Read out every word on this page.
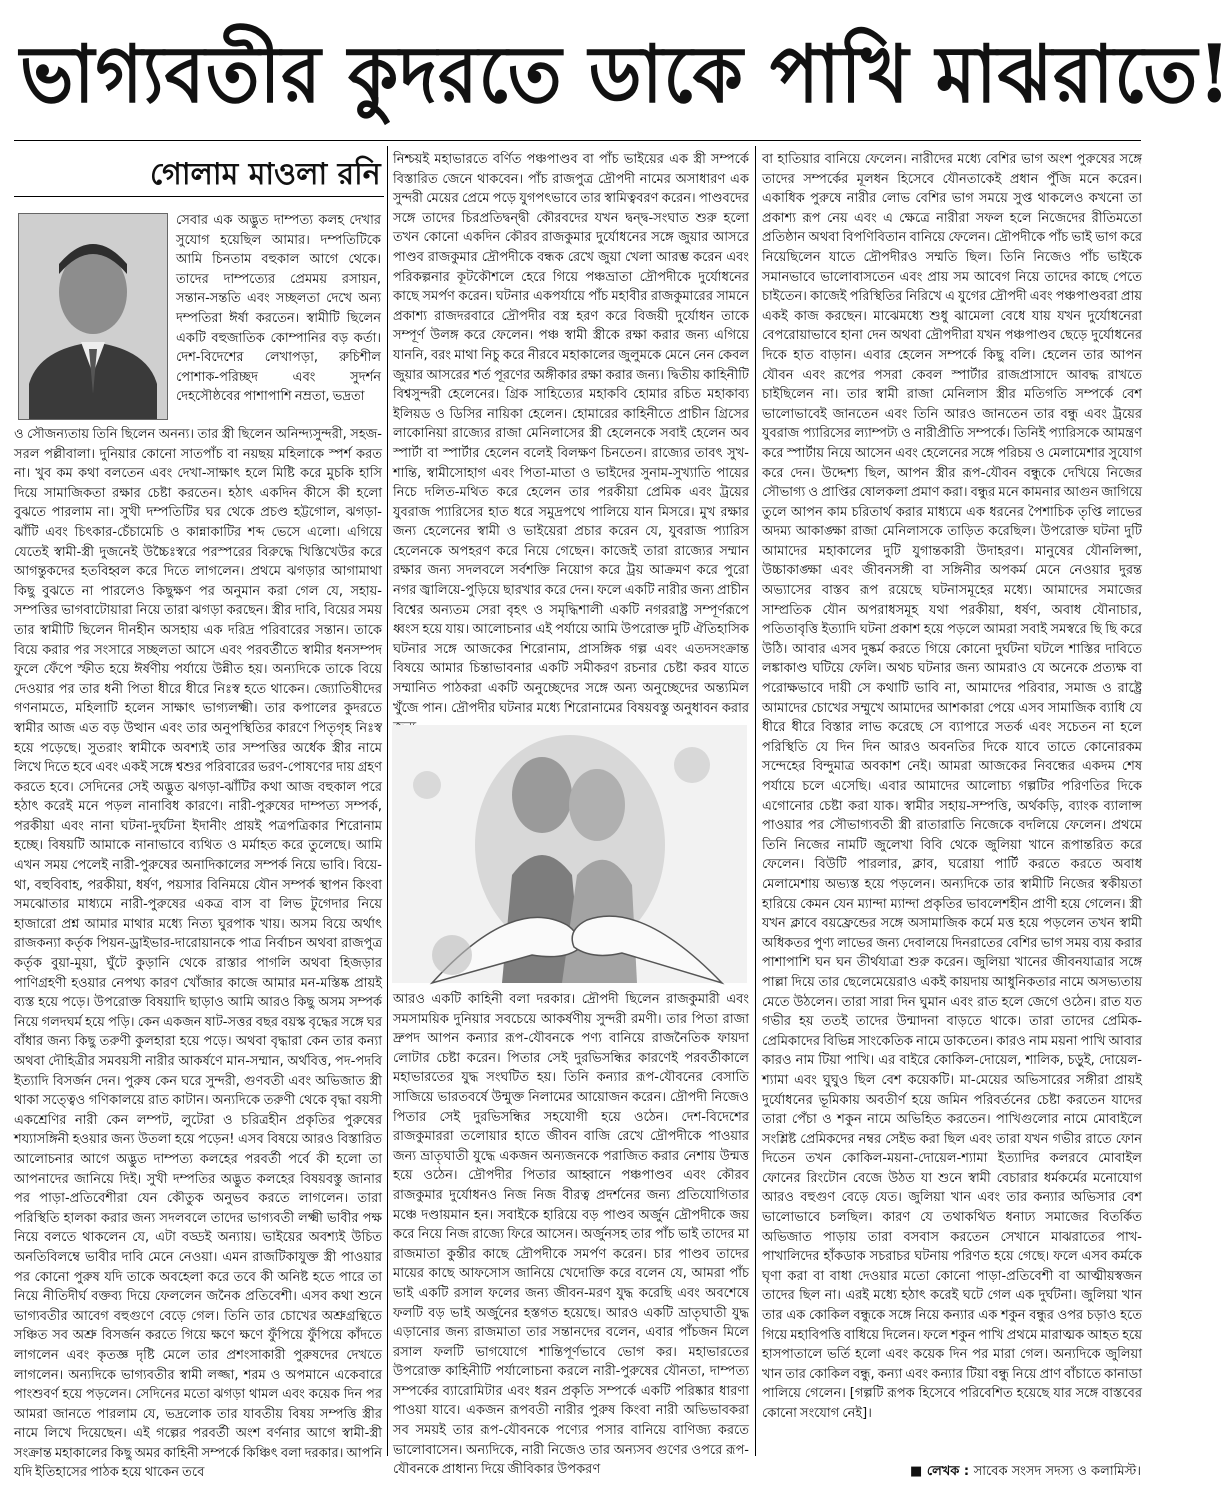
ভাগ্যবতীর কুদরতে ডাকে পাখি মাঝরাতে!
গোলাম মাওলা রনি
সেবার এক অদ্ভুত দাম্পত্য কলহ দেখার সুযোগ হয়েছিল আমার। দম্পতিটিকে আমি চিনতাম বহুকাল আগে থেকে। তাদের দাম্পত্যের প্রেমময় রসায়ন, সন্তান-সন্ততি এবং সচ্ছলতা দেখে অন্য দম্পতিরা ঈর্ষা করতেন। স্বামীটি ছিলেন একটি বহুজাতিক কোম্পানির বড় কর্তা। দেশ-বিদেশের লেখাপড়া, রুচিশীল পোশাক-পরিচ্ছদ এবং সুদর্শন দেহসৌষ্ঠবের পাশাপাশি নম্রতা, ভদ্রতা
ও সৌজন্যতায় তিনি ছিলেন অনন্য। তার স্ত্রী ছিলেন অনিন্দ্যসুন্দরী, সহজ-সরল পল্লীবালা। দুনিয়ার কোনো সাতপাঁচ বা নয়ছয় মহিলাকে স্পর্শ করত না। খুব কম কথা বলতেন এবং দেখা-সাক্ষাৎ হলে মিষ্টি করে মুচকি হাসি দিয়ে সামাজিকতা রক্ষার চেষ্টা করতেন। হঠাৎ একদিন কীসে কী হলো বুঝতে পারলাম না। সুখী দম্পতিটির ঘর থেকে প্রচণ্ড হট্টগোল, ঝগড়া-ঝাঁটি এবং চিৎকার-চেঁচামেচি ও কান্নাকাটির শব্দ ভেসে এলো। এগিয়ে যেতেই স্বামী-স্ত্রী দুজনেই উচ্চৈঃস্বরে পরস্পরের বিরুদ্ধে খিস্তিখেউর করে আগন্তুকদের হতবিহ্বল করে দিতে লাগলেন। প্রথমে ঝগড়ার আগামাথা কিছু বুঝতে না পারলেও কিছুক্ষণ পর অনুমান করা গেল যে, সহায়-সম্পত্তির ভাগবাটোয়ারা নিয়ে তারা ঝগড়া করছেন। স্ত্রীর দাবি, বিয়ের সময় তার স্বামীটি ছিলেন দীনহীন অসহায় এক দরিদ্র পরিবারের সন্তান। তাকে বিয়ে করার পর সংসারে সচ্ছলতা আসে এবং পরবর্তীতে স্বামীর ধনসম্পদ ফুলে ফেঁপে স্ফীত হয়ে ঈর্ষণীয় পর্যায়ে উন্নীত হয়। অন্যদিকে তাকে বিয়ে দেওয়ার পর তার ধনী পিতা ধীরে ধীরে নিঃস্ব হতে থাকেন। জ্যোতিষীদের গণনামতে, মহিলাটি হলেন সাক্ষাৎ ভাগ্যলক্ষ্মী। তার কপালের কুদরতে স্বামীর আজ এত বড় উত্থান এবং তার অনুপস্থিতির কারণে পিতৃগৃহ নিঃস্ব হয়ে পড়েছে। সুতরাং স্বামীকে অবশ্যই তার সম্পত্তির অর্ধেক স্ত্রীর নামে লিখে দিতে হবে এবং একই সঙ্গে শ্বশুর পরিবারের ভরণ-পোষণের দায় গ্রহণ করতে হবে। সেদিনের সেই অদ্ভুত ঝগড়া-ঝাঁটির কথা আজ বহুকাল পরে হঠাৎ করেই মনে পড়ল নানাবিধ কারণে। নারী-পুরুষের দাম্পত্য সম্পর্ক, পরকীয়া এবং নানা ঘটনা-দুর্ঘটনা ইদানীং প্রায়ই পত্রপত্রিকার শিরোনাম হচ্ছে। বিষয়টি আমাকে নানাভাবে ব্যথিত ও মর্মাহত করে তুলেছে। আমি এখন সময় পেলেই নারী-পুরুষের অনাদিকালের সম্পর্ক নিয়ে ভাবি। বিয়ে-থা, বহুবিবাহ, পরকীয়া, ধর্ষণ, পয়সার বিনিময়ে যৌন সম্পর্ক স্থাপন কিংবা সমঝোতার মাধ্যমে নারী-পুরুষের একত্র বাস বা লিভ টুগেদার নিয়ে হাজারো প্রশ্ন আমার মাথার মধ্যে নিত্য ঘুরপাক খায়। অসম বিয়ে অর্থাৎ রাজকন্যা কর্তৃক পিয়ন-ড্রাইভার-দারোয়ানকে পাত্র নির্বাচন অথবা রাজপুত্র কর্তৃক বুয়া-মুয়া, ঘুঁটে কুড়ানি থেকে রাস্তার পাগলি অথবা হিজড়ার পাণিগ্রহণী হওয়ার নেপথ্য কারণ খোঁজার কাজে আমার মন-মস্তিষ্ক প্রায়ই ব্যস্ত হয়ে পড়ে। উপরোক্ত বিষয়াদি ছাড়াও আমি আরও কিছু অসম সম্পর্ক নিয়ে গলদঘর্ম হয়ে পড়ি। কেন একজন ষাট-সত্তর বছর বয়স্ক বৃদ্ধের সঙ্গে ঘর বাঁধার জন্য কিছু তরুণী কুলহারা হয়ে পড়ে। অথবা বৃদ্ধারা কেন তার কন্যা অথবা দৌহিত্রীর সমবয়সী নারীর আকর্ষণে মান-সম্মান, অর্থবিত্ত, পদ-পদবি ইত্যাদি বিসর্জন দেন। পুরুষ কেন ঘরে সুন্দরী, গুণবতী এবং অভিজাত স্ত্রী থাকা সত্ত্বেও গণিকালয়ে রাত কাটান। অন্যদিকে তরুণী থেকে বৃদ্ধা বয়সী একশ্রেণির নারী কেন লম্পট, লুটেরা ও চরিত্রহীন প্রকৃতির পুরুষের শয্যাসঙ্গিনী হওয়ার জন্য উতলা হয়ে পড়েন! এসব বিষয়ে আরও বিস্তারিত আলোচনার আগে অদ্ভুত দাম্পত্য কলহের পরবর্তী পর্বে কী হলো তা আপনাদের জানিয়ে দিই। সুখী দম্পতির অদ্ভুত কলহের বিষয়বস্তু জানার পর পাড়া-প্রতিবেশীরা যেন কৌতুক অনুভব করতে লাগলেন। তারা পরিস্থিতি হালকা করার জন্য সদলবলে তাদের ভাগ্যবতী লক্ষ্মী ভাবীর পক্ষ নিয়ে বলতে থাকলেন যে, এটা বড্ডই অন্যায়। ভাইয়ের অবশ্যই উচিত অনতিবিলম্বে ভাবীর দাবি মেনে নেওয়া। এমন রাজটিকাযুক্ত স্ত্রী পাওয়ার পর কোনো পুরুষ যদি তাকে অবহেলা করে তবে কী অনিষ্ট হতে পারে তা নিয়ে নীতিদীর্ঘ বক্তব্য দিয়ে ফেললেন জনৈক প্রতিবেশী। এসব কথা শুনে ভাগ্যবতীর আবেগ বহুগুণে বেড়ে গেল। তিনি তার চোখের অশ্রুগ্রন্থিতে সঞ্চিত সব অশ্রু বিসর্জন করতে গিয়ে ক্ষণে ক্ষণে ফুঁপিয়ে ফুঁপিয়ে কাঁদতে লাগলেন এবং কৃতজ্ঞ দৃষ্টি মেলে তার প্রশংসাকারী পুরুষদের দেখতে লাগলেন। অন্যদিকে ভাগ্যবতীর স্বামী লজ্জা, শরম ও অপমানে একেবারে পাংশুবর্ণ হয়ে পড়লেন। সেদিনের মতো ঝগড়া থামল এবং কয়েক দিন পর আমরা জানতে পারলাম যে, ভদ্রলোক তার যাবতীয় বিষয় সম্পত্তি স্ত্রীর নামে লিখে দিয়েছেন। এই গল্পের পরবর্তী অংশ বর্ণনার আগে স্বামী-স্ত্রী সংক্রান্ত মহাকালের কিছু অমর কাহিনী সম্পর্কে কিঞ্চিৎ বলা দরকার। আপনি যদি ইতিহাসের পাঠক হয়ে থাকেন তবে
নিশ্চয়ই মহাভারতে বর্ণিত পঞ্চপাণ্ডব বা পাঁচ ভাইয়ের এক স্ত্রী সম্পর্কে বিস্তারিত জেনে থাকবেন। পাঁচ রাজপুত্র দ্রৌপদী নামের অসাধারণ এক সুন্দরী মেয়ের প্রেমে পড়ে যুগপৎভাবে তার স্বামিত্ববরণ করেন। পাণ্ডবদের সঙ্গে তাদের চিরপ্রতিদ্বন্দ্বী কৌরবদের যখন দ্বন্দ্ব-সংঘাত শুরু হলো তখন কোনো একদিন কৌরব রাজকুমার দুর্যোধনের সঙ্গে জুয়ার আসরে পাণ্ডব রাজকুমার দ্রৌপদীকে বন্ধক রেখে জুয়া খেলা আরম্ভ করেন এবং পরিকল্পনার কূটকৌশলে হেরে গিয়ে পঞ্চভ্রাতা দ্রৌপদীকে দুর্যোধনের কাছে সমর্পণ করেন। ঘটনার একপর্যায়ে পাঁচ মহাবীর রাজকুমারের সামনে প্রকাশ্য রাজদরবারে দ্রৌপদীর বস্ত্র হরণ করে বিজয়ী দুর্যোধন তাকে সম্পূর্ণ উলঙ্গ করে ফেলেন। পঞ্চ স্বামী স্ত্রীকে রক্ষা করার জন্য এগিয়ে যাননি, বরং মাথা নিচু করে নীরবে মহাকালের জুলুমকে মেনে নেন কেবল জুয়ার আসরের শর্ত পূরণের অঙ্গীকার রক্ষা করার জন্য। দ্বিতীয় কাহিনীটি বিশ্বসুন্দরী হেলেনের। গ্রিক সাহিত্যের মহাকবি হোমার রচিত মহাকাব্য ইলিয়ড ও ডিসির নায়িকা হেলেন। হোমারের কাহিনীতে প্রাচীন গ্রিসের লাকোনিয়া রাজ্যের রাজা মেনিলাসের স্ত্রী হেলেনকে সবাই হেলেন অব স্পার্টা বা স্পার্টার হেলেন বলেই বিলক্ষণ চিনতেন। রাজ্যের তাবৎ সুখ-শান্তি, স্বামীসোহাগ এবং পিতা-মাতা ও ভাইদের সুনাম-সুখ্যাতি পায়ের নিচে দলিত-মথিত করে হেলেন তার পরকীয়া প্রেমিক এবং ট্রয়ের যুবরাজ প্যারিসের হাত ধরে সমুদ্রপথে পালিয়ে যান মিসরে। মুখ রক্ষার জন্য হেলেনের স্বামী ও ভাইয়েরা প্রচার করেন যে, যুবরাজ প্যারিস হেলেনকে অপহরণ করে নিয়ে গেছেন। কাজেই তারা রাজ্যের সম্মান রক্ষার জন্য সদলবলে সর্বশক্তি নিয়োগ করে ট্রয় আক্রমণ করে পুরো নগর জ্বালিয়ে-পুড়িয়ে ছারখার করে দেন। ফলে একটি নারীর জন্য প্রাচীন বিশ্বের অন্যতম সেরা বৃহৎ ও সমৃদ্ধিশালী একটি নগররাষ্ট্র সম্পূর্ণরূপে ধ্বংস হয়ে যায়। আলোচনার এই পর্যায়ে আমি উপরোক্ত দুটি ঐতিহাসিক ঘটনার সঙ্গে আজকের শিরোনাম, প্রাসঙ্গিক গল্প এবং এতদসংক্রান্ত বিষয়ে আমার চিন্তাভাবনার একটি সমীকরণ রচনার চেষ্টা করব যাতে সম্মানিত পাঠকরা একটি অনুচ্ছেদের সঙ্গে অন্য অনুচ্ছেদের অন্ত্যমিল খুঁজে পান। দ্রৌপদীর ঘটনার মধ্যে শিরোনামের বিষয়বস্তু অনুধাবন করার
আরও একটি কাহিনী বলা দরকার। দ্রৌপদী ছিলেন রাজকুমারী এবং সমসাময়িক দুনিয়ার সবচেয়ে আকর্ষণীয় সুন্দরী রমণী। তার পিতা রাজা দ্রুপদ আপন কন্যার রূপ-যৌবনকে পণ্য বানিয়ে রাজনৈতিক ফায়দা লোটার চেষ্টা করেন। পিতার সেই দুরভিসন্ধির কারণেই পরবর্তীকালে মহাভারতের যুদ্ধ সংঘটিত হয়। তিনি কন্যার রূপ-যৌবনের বেসাতি সাজিয়ে ভারতবর্ষে উন্মুক্ত নিলামের আয়োজন করেন। দ্রৌপদী নিজেও পিতার সেই দুরভিসন্ধির সহযোগী হয়ে ওঠেন। দেশ-বিদেশের রাজকুমাররা তলোয়ার হাতে জীবন বাজি রেখে দ্রৌপদীকে পাওয়ার জন্য ভ্রাতৃঘাতী যুদ্ধে একজন অন্যজনকে পরাজিত করার নেশায় উন্মত্ত হয়ে ওঠেন। দ্রৌপদীর পিতার আহ্বানে পঞ্চপাণ্ডব এবং কৌরব রাজকুমার দুর্যোধনও নিজ নিজ বীরত্ব প্রদর্শনের জন্য প্রতিযোগিতার মঞ্চে দণ্ডায়মান হন। সবাইকে হারিয়ে বড় পাণ্ডব অর্জুন দ্রৌপদীকে জয় করে নিয়ে নিজ রাজ্যে ফিরে আসেন। অর্জুনসহ তার পাঁচ ভাই তাদের মা রাজমাতা কুন্তীর কাছে দ্রৌপদীকে সমর্পণ করেন। চার পাণ্ডব তাদের মায়ের কাছে আফসোস জানিয়ে খেদোক্তি করে বলেন যে, আমরা পাঁচ ভাই একটি রসাল ফলের জন্য জীবন-মরণ যুদ্ধ করেছি এবং অবশেষে ফলটি বড় ভাই অর্জুনের হস্তগত হয়েছে। আরও একটি ভ্রাতৃঘাতী যুদ্ধ এড়ানোর জন্য রাজমাতা তার সন্তানদের বলেন, এবার পাঁচজন মিলে রসাল ফলটি ভাগযোগে শান্তিপূর্ণভাবে ভোগ কর। মহাভারতের উপরোক্ত কাহিনীটি পর্যালোচনা করলে নারী-পুরুষের যৌনতা, দাম্পত্য সম্পর্কের ব্যারোমিটার এবং ধরন প্রকৃতি সম্পর্কে একটি পরিষ্কার ধারণা পাওয়া যাবে। একজন রূপবতী নারীর পুরুষ কিংবা নারী অভিভাবকরা সব সময়ই তার রূপ-যৌবনকে পণ্যের পসার বানিয়ে বাণিজ্য করতে ভালোবাসেন। অন্যদিকে, নারী নিজেও তার অন্যসব গুণের ওপরে রূপ-যৌবনকে প্রাধান্য দিয়ে জীবিকার উপকরণ
বা হাতিয়ার বানিয়ে ফেলেন। নারীদের মধ্যে বেশির ভাগ অংশ পুরুষের সঙ্গে তাদের সম্পর্কের মূলধন হিসেবে যৌনতাকেই প্রধান পুঁজি মনে করেন। একাধিক পুরুষে নারীর লোভ বেশির ভাগ সময়ে সুপ্ত থাকলেও কখনো তা প্রকাশ্য রূপ নেয় এবং এ ক্ষেত্রে নারীরা সফল হলে নিজেদের রীতিমতো প্রতিষ্ঠান অথবা বিপণিবিতান বানিয়ে ফেলেন। দ্রৌপদীকে পাঁচ ভাই ভাগ করে নিয়েছিলেন যাতে দ্রৌপদীরও সম্মতি ছিল। তিনি নিজেও পাঁচ ভাইকে সমানভাবে ভালোবাসতেন এবং প্রায় সম আবেগ নিয়ে তাদের কাছে পেতে চাইতেন। কাজেই পরিস্থিতির নিরিখে এ যুগের দ্রৌপদী এবং পঞ্চপাণ্ডবরা প্রায় একই কাজ করছেন। মাঝেমধ্যে শুধু ঝামেলা বেধে যায় যখন দুর্যোধনেরা বেপরোয়াভাবে হানা দেন অথবা দ্রৌপদীরা যখন পঞ্চপাণ্ডব ছেড়ে দুর্যোধনের দিকে হাত বাড়ান। এবার হেলেন সম্পর্কে কিছু বলি। হেলেন তার আপন যৌবন এবং রূপের পসরা কেবল স্পার্টার রাজপ্রাসাদে আবদ্ধ রাখতে চাইছিলেন না। তার স্বামী রাজা মেনিলাস স্ত্রীর মতিগতি সম্পর্কে বেশ ভালোভাবেই জানতেন এবং তিনি আরও জানতেন তার বন্ধু এবং ট্রয়ের যুবরাজ প্যারিসের ল্যাম্পট্য ও নারীপ্রীতি সম্পর্কে। তিনিই প্যারিসকে আমন্ত্রণ করে স্পার্টায় নিয়ে আসেন এবং হেলেনের সঙ্গে পরিচয় ও মেলামেশার সুযোগ করে দেন। উদ্দেশ্য ছিল, আপন স্ত্রীর রূপ-যৌবন বন্ধুকে দেখিয়ে নিজের সৌভাগ্য ও প্রাপ্তির ষোলকলা প্রমাণ করা। বন্ধুর মনে কামনার আগুন জাগিয়ে তুলে আপন কাম চরিতার্থ করার মাধ্যমে এক ধরনের পৈশাচিক তৃপ্তি লাভের অদম্য আকাঙ্ক্ষা রাজা মেনিলাসকে তাড়িত করেছিল। উপরোক্ত ঘটনা দুটি আমাদের মহাকালের দুটি যুগান্তকারী উদাহরণ। মানুষের যৌনলিপ্সা, উচ্চাকাঙ্ক্ষা এবং জীবনসঙ্গী বা সঙ্গিনীর অপকর্ম মেনে নেওয়ার দুরন্ত অভ্যাসের বাস্তব রূপ রয়েছে ঘটনাসমূহের মধ্যে। আমাদের সমাজের সাম্প্রতিক যৌন অপরাধসমূহ যথা পরকীয়া, ধর্ষণ, অবাধ যৌনাচার, পতিতাবৃত্তি ইত্যাদি ঘটনা প্রকাশ হয়ে পড়লে আমরা সবাই সমস্বরে ছি ছি করে উঠি। আবার এসব দুষ্কর্ম করতে গিয়ে কোনো দুর্ঘটনা ঘটলে শাস্তির দাবিতে লঙ্কাকাণ্ড ঘটিয়ে ফেলি। অথচ ঘটনার জন্য আমরাও যে অনেকে প্রত্যক্ষ বা পরোক্ষভাবে দায়ী সে কথাটি ভাবি না, আমাদের পরিবার, সমাজ ও রাষ্ট্রে আমাদের চোখের সম্মুখে আমাদের আশকারা পেয়ে এসব সামাজিক ব্যাধি যে ধীরে ধীরে বিস্তার লাভ করেছে সে ব্যাপারে সতর্ক এবং সচেতন না হলে পরিস্থিতি যে দিন দিন আরও অবনতির দিকে যাবে তাতে কোনোরকম সন্দেহের বিন্দুমাত্র অবকাশ নেই। আমরা আজকের নিবন্ধের একদম শেষ পর্যায়ে চলে এসেছি। এবার আমাদের আলোচ্য গল্পটির পরিণতির দিকে এগোনোর চেষ্টা করা যাক। স্বামীর সহায়-সম্পত্তি, অর্থকড়ি, ব্যাংক ব্যালান্স পাওয়ার পর সৌভাগ্যবতী স্ত্রী রাতারাতি নিজেকে বদলিয়ে ফেলেন। প্রথমে তিনি নিজের নামটি জুলেখা বিবি থেকে জুলিয়া খানে রূপান্তরিত করে ফেলেন। বিউটি পারলার, ক্লাব, ঘরোয়া পার্টি করতে করতে অবাধ মেলামেশায় অভ্যস্ত হয়ে পড়লেন। অন্যদিকে তার স্বামীটি নিজের স্বকীয়তা হারিয়ে কেমন যেন ম্যান্দা ম্যান্দা প্রকৃতির ভাবলেশহীন প্রাণী হয়ে গেলেন। স্ত্রী যখন ক্লাবে বয়ফ্রেন্ডের সঙ্গে অসামাজিক কর্মে মত্ত হয়ে পড়লেন তখন স্বামী অধিকতর পুণ্য লাভের জন্য দেবালয়ে দিনরাতের বেশির ভাগ সময় ব্যয় করার পাশাপাশি ঘন ঘন তীর্থযাত্রা শুরু করেন। জুলিয়া খানের জীবনযাত্রার সঙ্গে পাল্লা দিয়ে তার ছেলেমেয়েরাও একই কায়দায় আধুনিকতার নামে অসভ্যতায় মেতে উঠলেন। তারা সারা দিন ঘুমান এবং রাত হলে জেগে ওঠেন। রাত যত গভীর হয় ততই তাদের উন্মাদনা বাড়তে থাকে। তারা তাদের প্রেমিক-প্রেমিকাদের বিভিন্ন সাংকেতিক নামে ডাকতেন। কারও নাম ময়না পাখি আবার কারও নাম টিয়া পাখি। এর বাইরে কোকিল-দোয়েল, শালিক, চড়ুই, দোয়েল-শ্যামা এবং ঘুঘুও ছিল বেশ কয়েকটি। মা-মেয়ের অভিসারের সঙ্গীরা প্রায়ই দুর্যোধনের ভূমিকায় অবতীর্ণ হয়ে জমিন পরিবর্তনের চেষ্টা করতেন যাদের তারা পেঁচা ও শকুন নামে অভিহিত করতেন। পাখিগুলোর নামে মোবাইলে সংশ্লিষ্ট প্রেমিকদের নম্বর সেইভ করা ছিল এবং তারা যখন গভীর রাতে ফোন দিতেন তখন কোকিল-ময়না-দোয়েল-শ্যামা ইত্যাদির কলরবে মোবাইল ফোনের রিংটোন বেজে উঠত যা শুনে স্বামী বেচারার ধর্মকর্মের মনোযোগ আরও বহুগুণ বেড়ে যেত। জুলিয়া খান এবং তার কন্যার অভিসার বেশ ভালোভাবে চলছিল। কারণ যে তথাকথিত ধনাঢ্য সমাজের বিতর্কিত অভিজাত পাড়ায় তারা বসবাস করতেন সেখানে মাঝরাতের পাখ-পাখালিদের হাঁকডাক সচরাচর ঘটনায় পরিণত হয়ে গেছে। ফলে এসব কর্মকে ঘৃণা করা বা বাধা দেওয়ার মতো কোনো পাড়া-প্রতিবেশী বা আত্মীয়স্বজন তাদের ছিল না। এরই মধ্যে হঠাৎ করেই ঘটে গেল এক দুর্ঘটনা। জুলিয়া খান তার এক কোকিল বন্ধুকে সঙ্গে নিয়ে কন্যার এক শকুন বন্ধুর ওপর চড়াও হতে গিয়ে মহাবিপত্তি বাধিয়ে দিলেন। ফলে শকুন পাখি প্রথমে মারাত্মক আহত হয়ে হাসপাতালে ভর্তি হলো এবং কয়েক দিন পর মারা গেল। অন্যদিকে জুলিয়া খান তার কোকিল বন্ধু, কন্যা এবং কন্যার টিয়া বন্ধু নিয়ে প্রাণ বাঁচাতে কানাডা পালিয়ে গেলেন। [গল্পটি রূপক হিসেবে পরিবেশিত হয়েছে যার সঙ্গে বাস্তবের কোনো সংযোগ নেই]।
■ লেখক : সাবেক সংসদ সদস্য ও কলামিস্ট।
